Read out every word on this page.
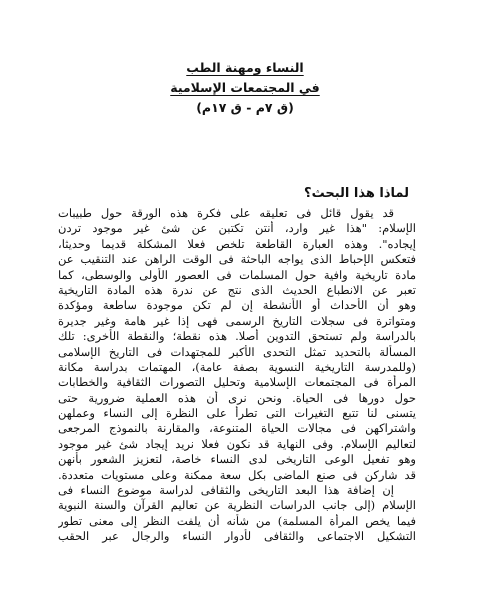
النساء ومهنة الطب
في المجتمعات الإسلامية
(ق ٧م - ق ١٧م)
لماذا هذا البحث؟
قد يقول قائل فى تعليقه على فكرة هذه الورقة حول طبيبات
الإسلام: "هذا غير وارد، أنتن تكتبن عن شئ غير موجود تردن
إيجاده". وهذه العبارة القاطعة تلخص فعلا المشكلة قديما وحديثا،
فتعكس الإحباط الذى يواجه الباحثة فى الوقت الراهن عند التنقيب عن
مادة تاريخية وافية حول المسلمات فى العصور الأولى والوسطى، كما
تعبر عن الانطباع الحديث الذى نتج عن ندرة هذه المادة التاريخية
وهو أن الأحداث أو الأنشطة إن لم تكن موجودة ساطعة ومؤكدة
ومتواترة فى سجلات التاريخ الرسمى فهى إذا غير هامة وغير جديرة
بالدراسة ولم تستحق التدوين أصلا. هذه نقطة؛ والنقطة الأخرى: تلك
المسألة بالتحديد تمثل التحدى الأكبر للمجتهدات فى التاريخ الإسلامى
(وللمدرسة التاريخية النسوية بصفة عامة)، المهتمات بدراسة مكانة
المرأة فى المجتمعات الإسلامية وتحليل التصورات الثقافية والخطابات
حول دورها فى الحياة. ونحن نرى أن هذه العملية ضرورية حتى
يتسنى لنا تتبع التغيرات التى تطرأ على النظرة إلى النساء وعملهن
واشتراكهن فى مجالات الحياة المتنوعة، والمقارنة بالنموذج المرجعى
لتعاليم الإسلام. وفى النهاية قد نكون فعلا نريد إيجاد شئ غير موجود
وهو تفعيل الوعى التاريخى لدى النساء خاصة، لتعزيز الشعور بأنهن
قد شاركن فى صنع الماضى بكل سعة ممكنة وعلى مستويات متعددة.
إن إضافة هذا البعد التاريخى والثقافى لدراسة موضوع النساء فى
الإسلام (إلى جانب الدراسات النظرية عن تعاليم القرآن والسنة النبوية
فيما يخص المرأة المسلمة) من شأنه أن يلفت النظر إلى معنى تطور
التشكيل الاجتماعى والثقافى لأدوار النساء والرجال عبر الحقب
